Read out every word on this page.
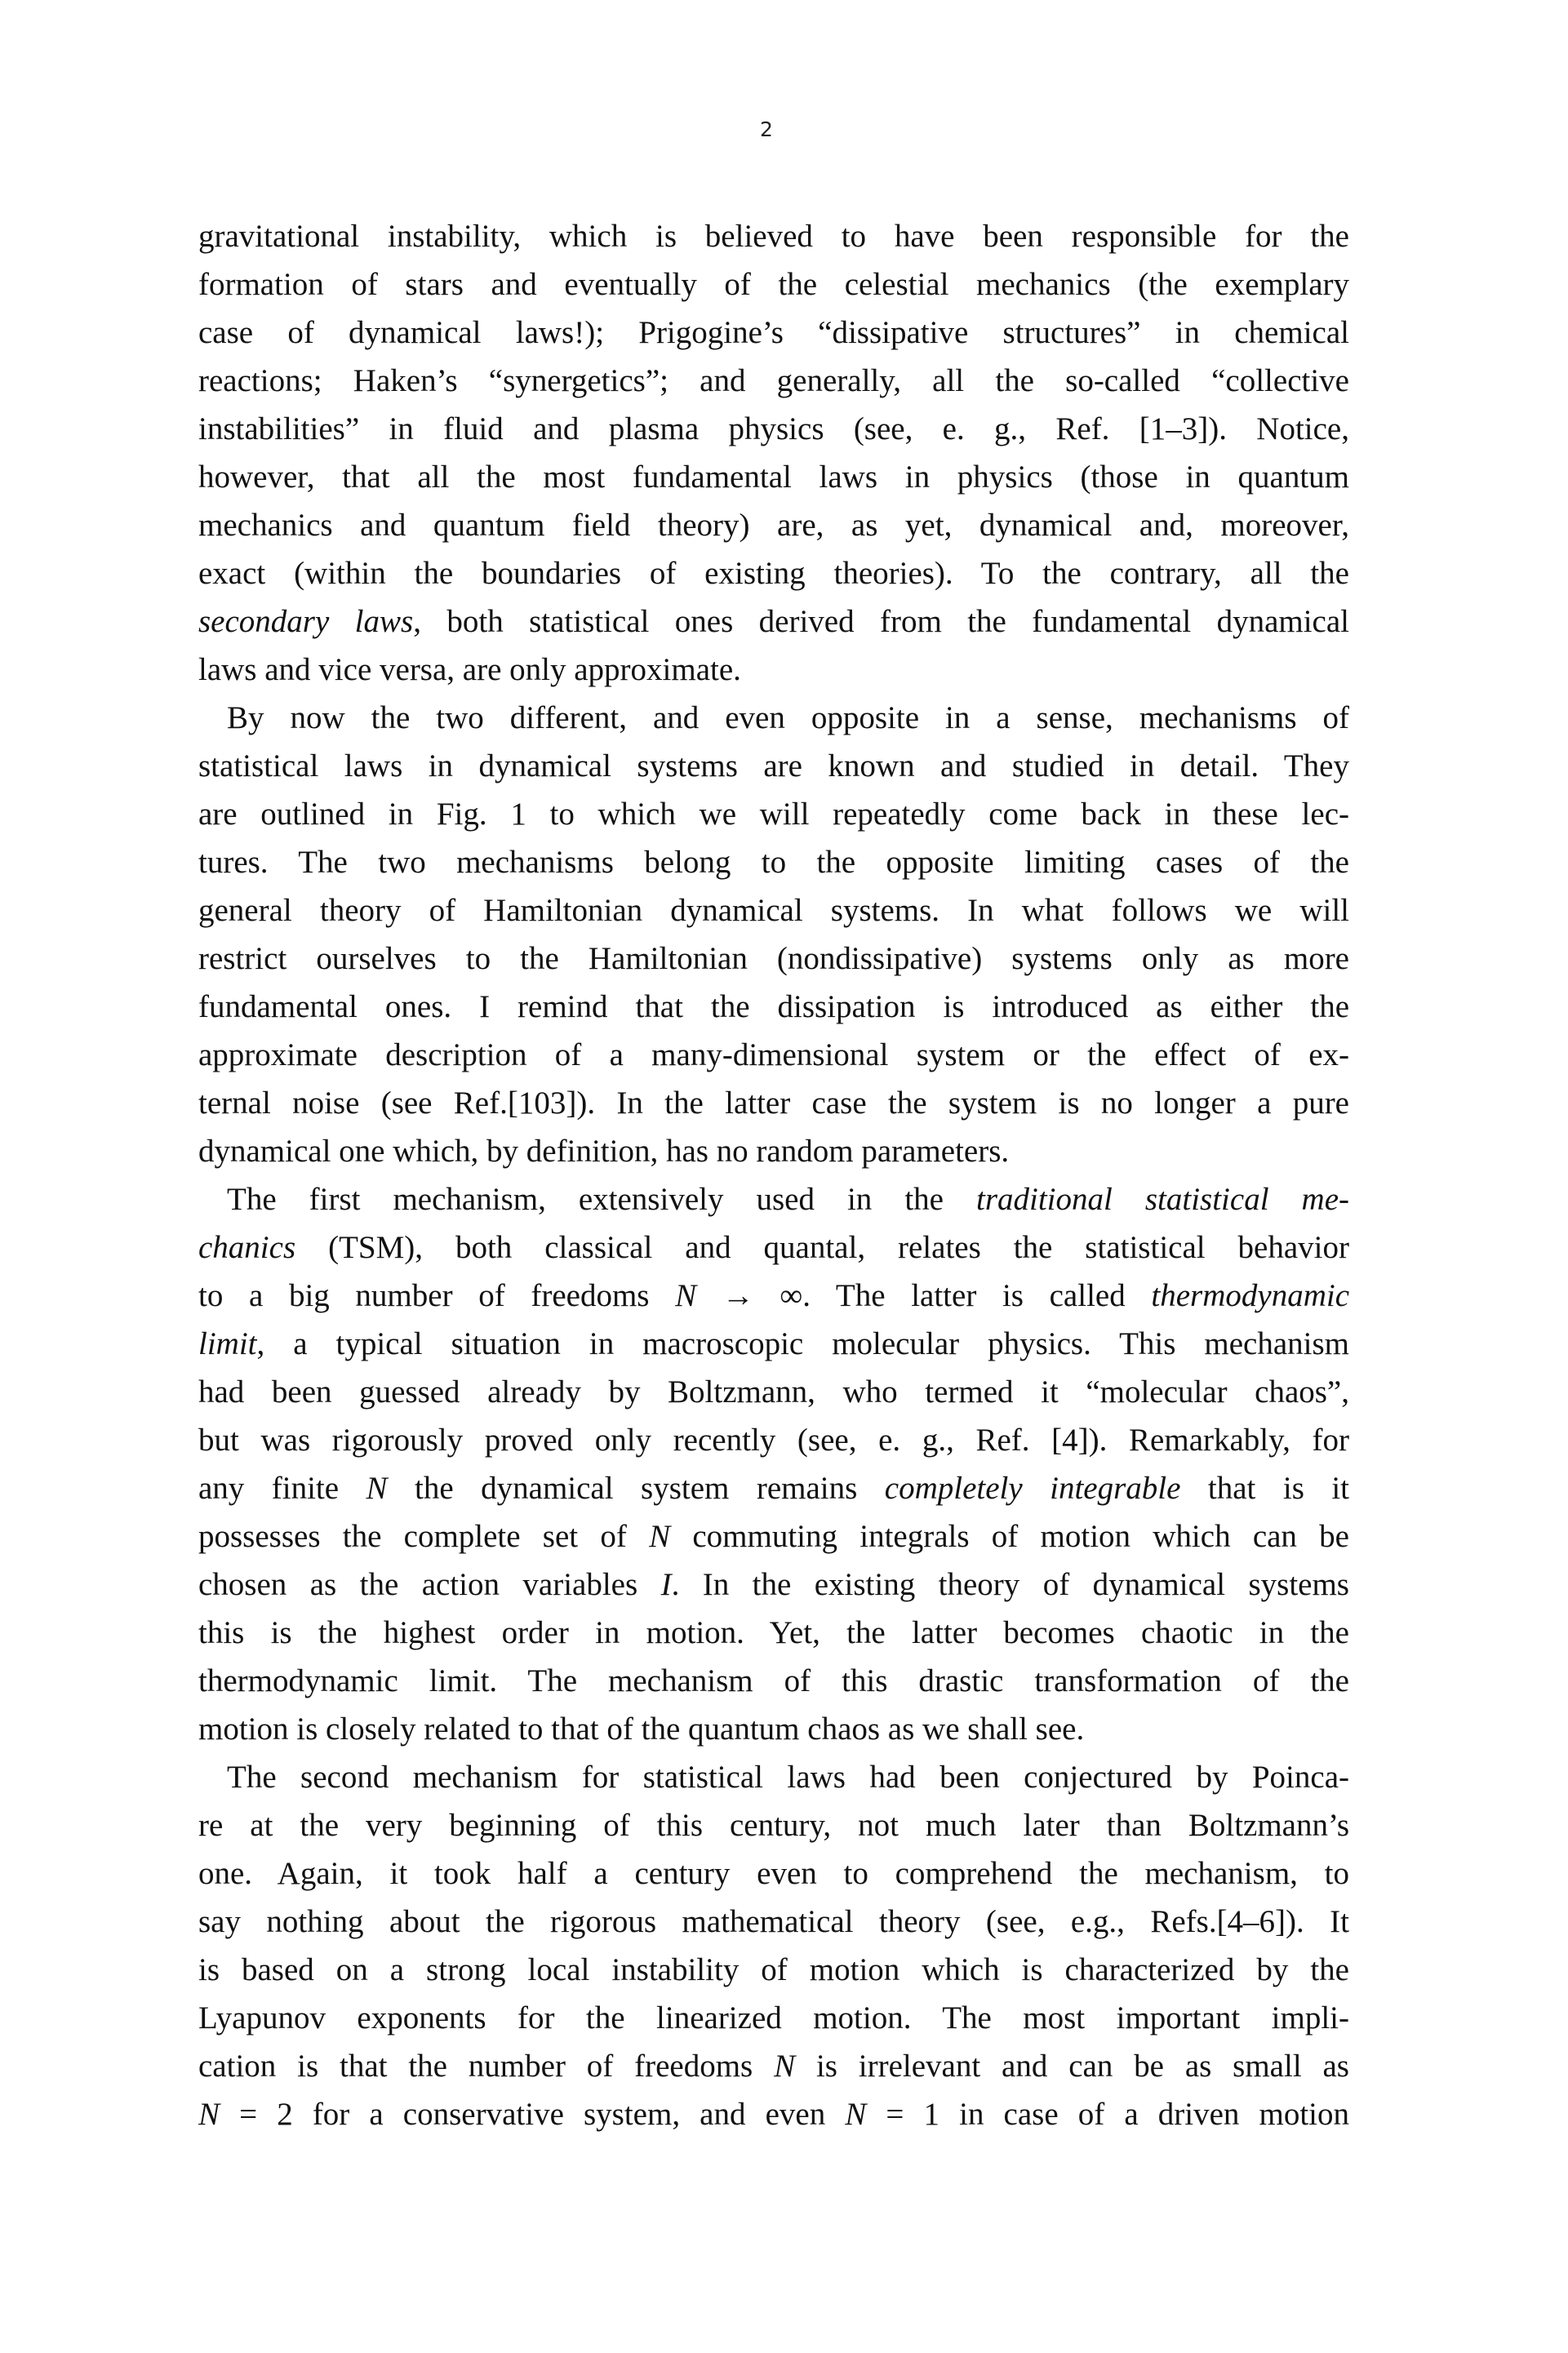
2
gravitational instability, which is believed to have been responsible for the
formation of stars and eventually of the celestial mechanics (the exemplary
case of dynamical laws!); Prigogine’s “dissipative structures” in chemical
reactions; Haken’s “synergetics”; and generally, all the so-called “collective
instabilities” in fluid and plasma physics (see, e. g., Ref. [1–3]). Notice,
however, that all the most fundamental laws in physics (those in quantum
mechanics and quantum field theory) are, as yet, dynamical and, moreover,
exact (within the boundaries of existing theories). To the contrary, all the
secondary laws, both statistical ones derived from the fundamental dynamical
laws and vice versa, are only approximate.
By now the two different, and even opposite in a sense, mechanisms of
statistical laws in dynamical systems are known and studied in detail. They
are outlined in Fig. 1 to which we will repeatedly come back in these lec-
tures. The two mechanisms belong to the opposite limiting cases of the
general theory of Hamiltonian dynamical systems. In what follows we will
restrict ourselves to the Hamiltonian (nondissipative) systems only as more
fundamental ones. I remind that the dissipation is introduced as either the
approximate description of a many-dimensional system or the effect of ex-
ternal noise (see Ref.[103]). In the latter case the system is no longer a pure
dynamical one which, by definition, has no random parameters.
The first mechanism, extensively used in the traditional statistical me-
chanics (TSM), both classical and quantal, relates the statistical behavior
to a big number of freedoms N → ∞. The latter is called thermodynamic
limit, a typical situation in macroscopic molecular physics. This mechanism
had been guessed already by Boltzmann, who termed it “molecular chaos”,
but was rigorously proved only recently (see, e. g., Ref. [4]). Remarkably, for
any finite N the dynamical system remains completely integrable that is it
possesses the complete set of N commuting integrals of motion which can be
chosen as the action variables I. In the existing theory of dynamical systems
this is the highest order in motion. Yet, the latter becomes chaotic in the
thermodynamic limit. The mechanism of this drastic transformation of the
motion is closely related to that of the quantum chaos as we shall see.
The second mechanism for statistical laws had been conjectured by Poinca-
re at the very beginning of this century, not much later than Boltzmann’s
one. Again, it took half a century even to comprehend the mechanism, to
say nothing about the rigorous mathematical theory (see, e.g., Refs.[4–6]). It
is based on a strong local instability of motion which is characterized by the
Lyapunov exponents for the linearized motion. The most important impli-
cation is that the number of freedoms N is irrelevant and can be as small as
N = 2 for a conservative system, and even N = 1 in case of a driven motion
